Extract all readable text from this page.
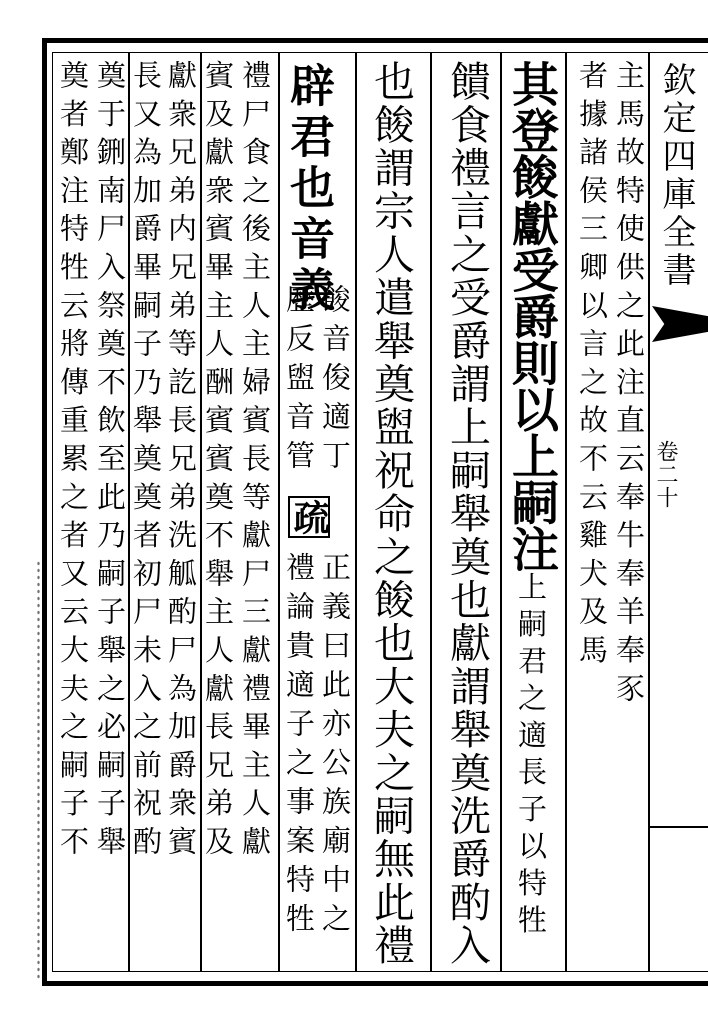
欽定四庫全書
卷二十
主馬故特使供之此注直云奉牛奉羊奉豕
者據諸侯三卿以言之故不云雞犬及馬
其登餕獻受爵則以上嗣注上嗣君之適長子以特牲
饋食禮言之受爵謂上嗣舉奠也獻謂舉奠洗爵酌入
也餕謂宗人遣舉奠盥祝命之餕也大夫之嗣無此禮
辟君也音義
餕音俊適丁
歴反盥音管
疏
正義曰此亦公族廟中之
禮論貴適子之事案特牲
禮尸食之後主人主婦賓長等獻尸三獻禮畢主人獻
賓及獻衆賓畢主人酬賓賓奠不舉主人獻長兄弟及
獻衆兄弟内兄弟等訖長兄弟洗觚酌尸為加爵衆賓
長又為加爵畢嗣子乃舉奠奠者初尸未入之前祝酌
奠于鉶南尸入祭奠不飲至此乃嗣子舉之必嗣子舉
奠者鄭注特牲云將傳重累之者又云大夫之嗣子不
